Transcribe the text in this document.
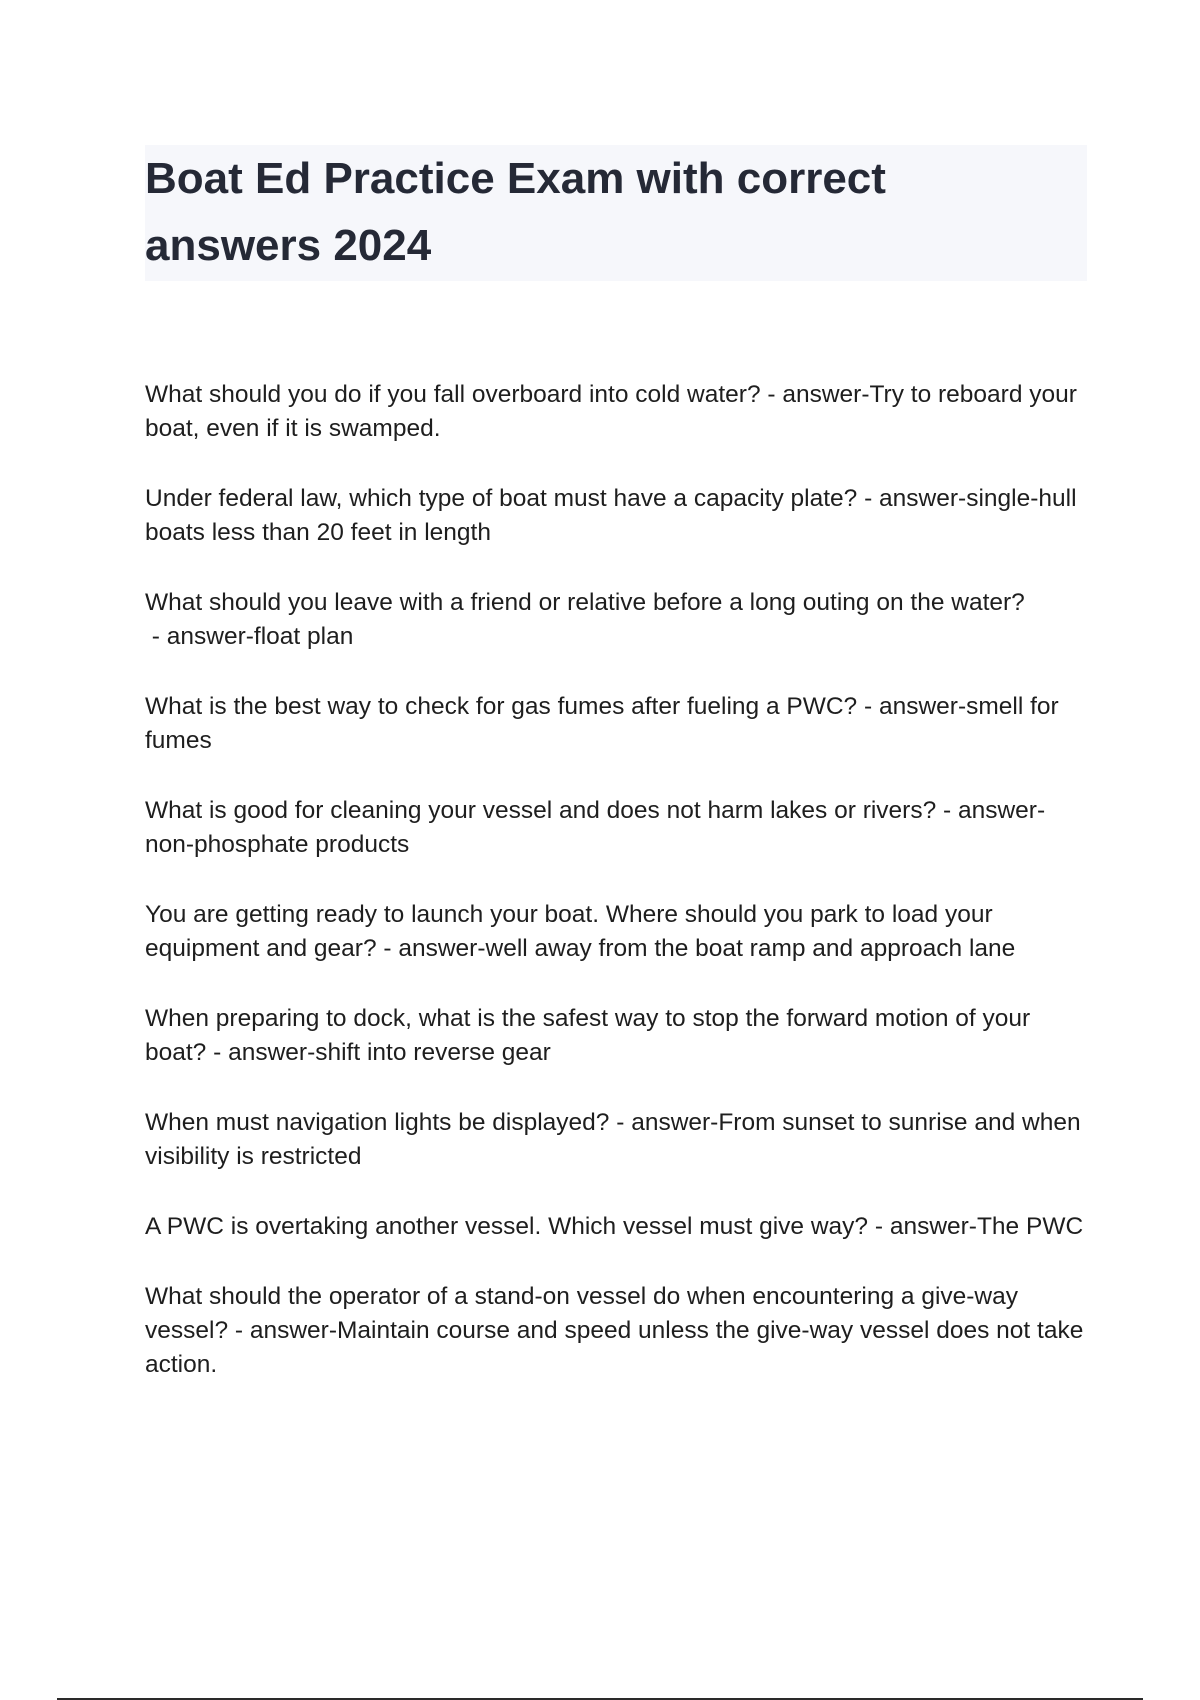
Boat Ed Practice Exam with correct answers 2024

What should you do if you fall overboard into cold water? - answer-Try to reboard your boat, even if it is swamped.

Under federal law, which type of boat must have a capacity plate? - answer-single-hull boats less than 20 feet in length

What should you leave with a friend or relative before a long outing on the water? - answer-float plan

What is the best way to check for gas fumes after fueling a PWC? - answer-smell for fumes

What is good for cleaning your vessel and does not harm lakes or rivers? - answer-non-phosphate products

You are getting ready to launch your boat. Where should you park to load your equipment and gear? - answer-well away from the boat ramp and approach lane

When preparing to dock, what is the safest way to stop the forward motion of your boat? - answer-shift into reverse gear

When must navigation lights be displayed? - answer-From sunset to sunrise and when visibility is restricted

A PWC is overtaking another vessel. Which vessel must give way? - answer-The PWC

What should the operator of a stand-on vessel do when encountering a give-way vessel? - answer-Maintain course and speed unless the give-way vessel does not take action.
